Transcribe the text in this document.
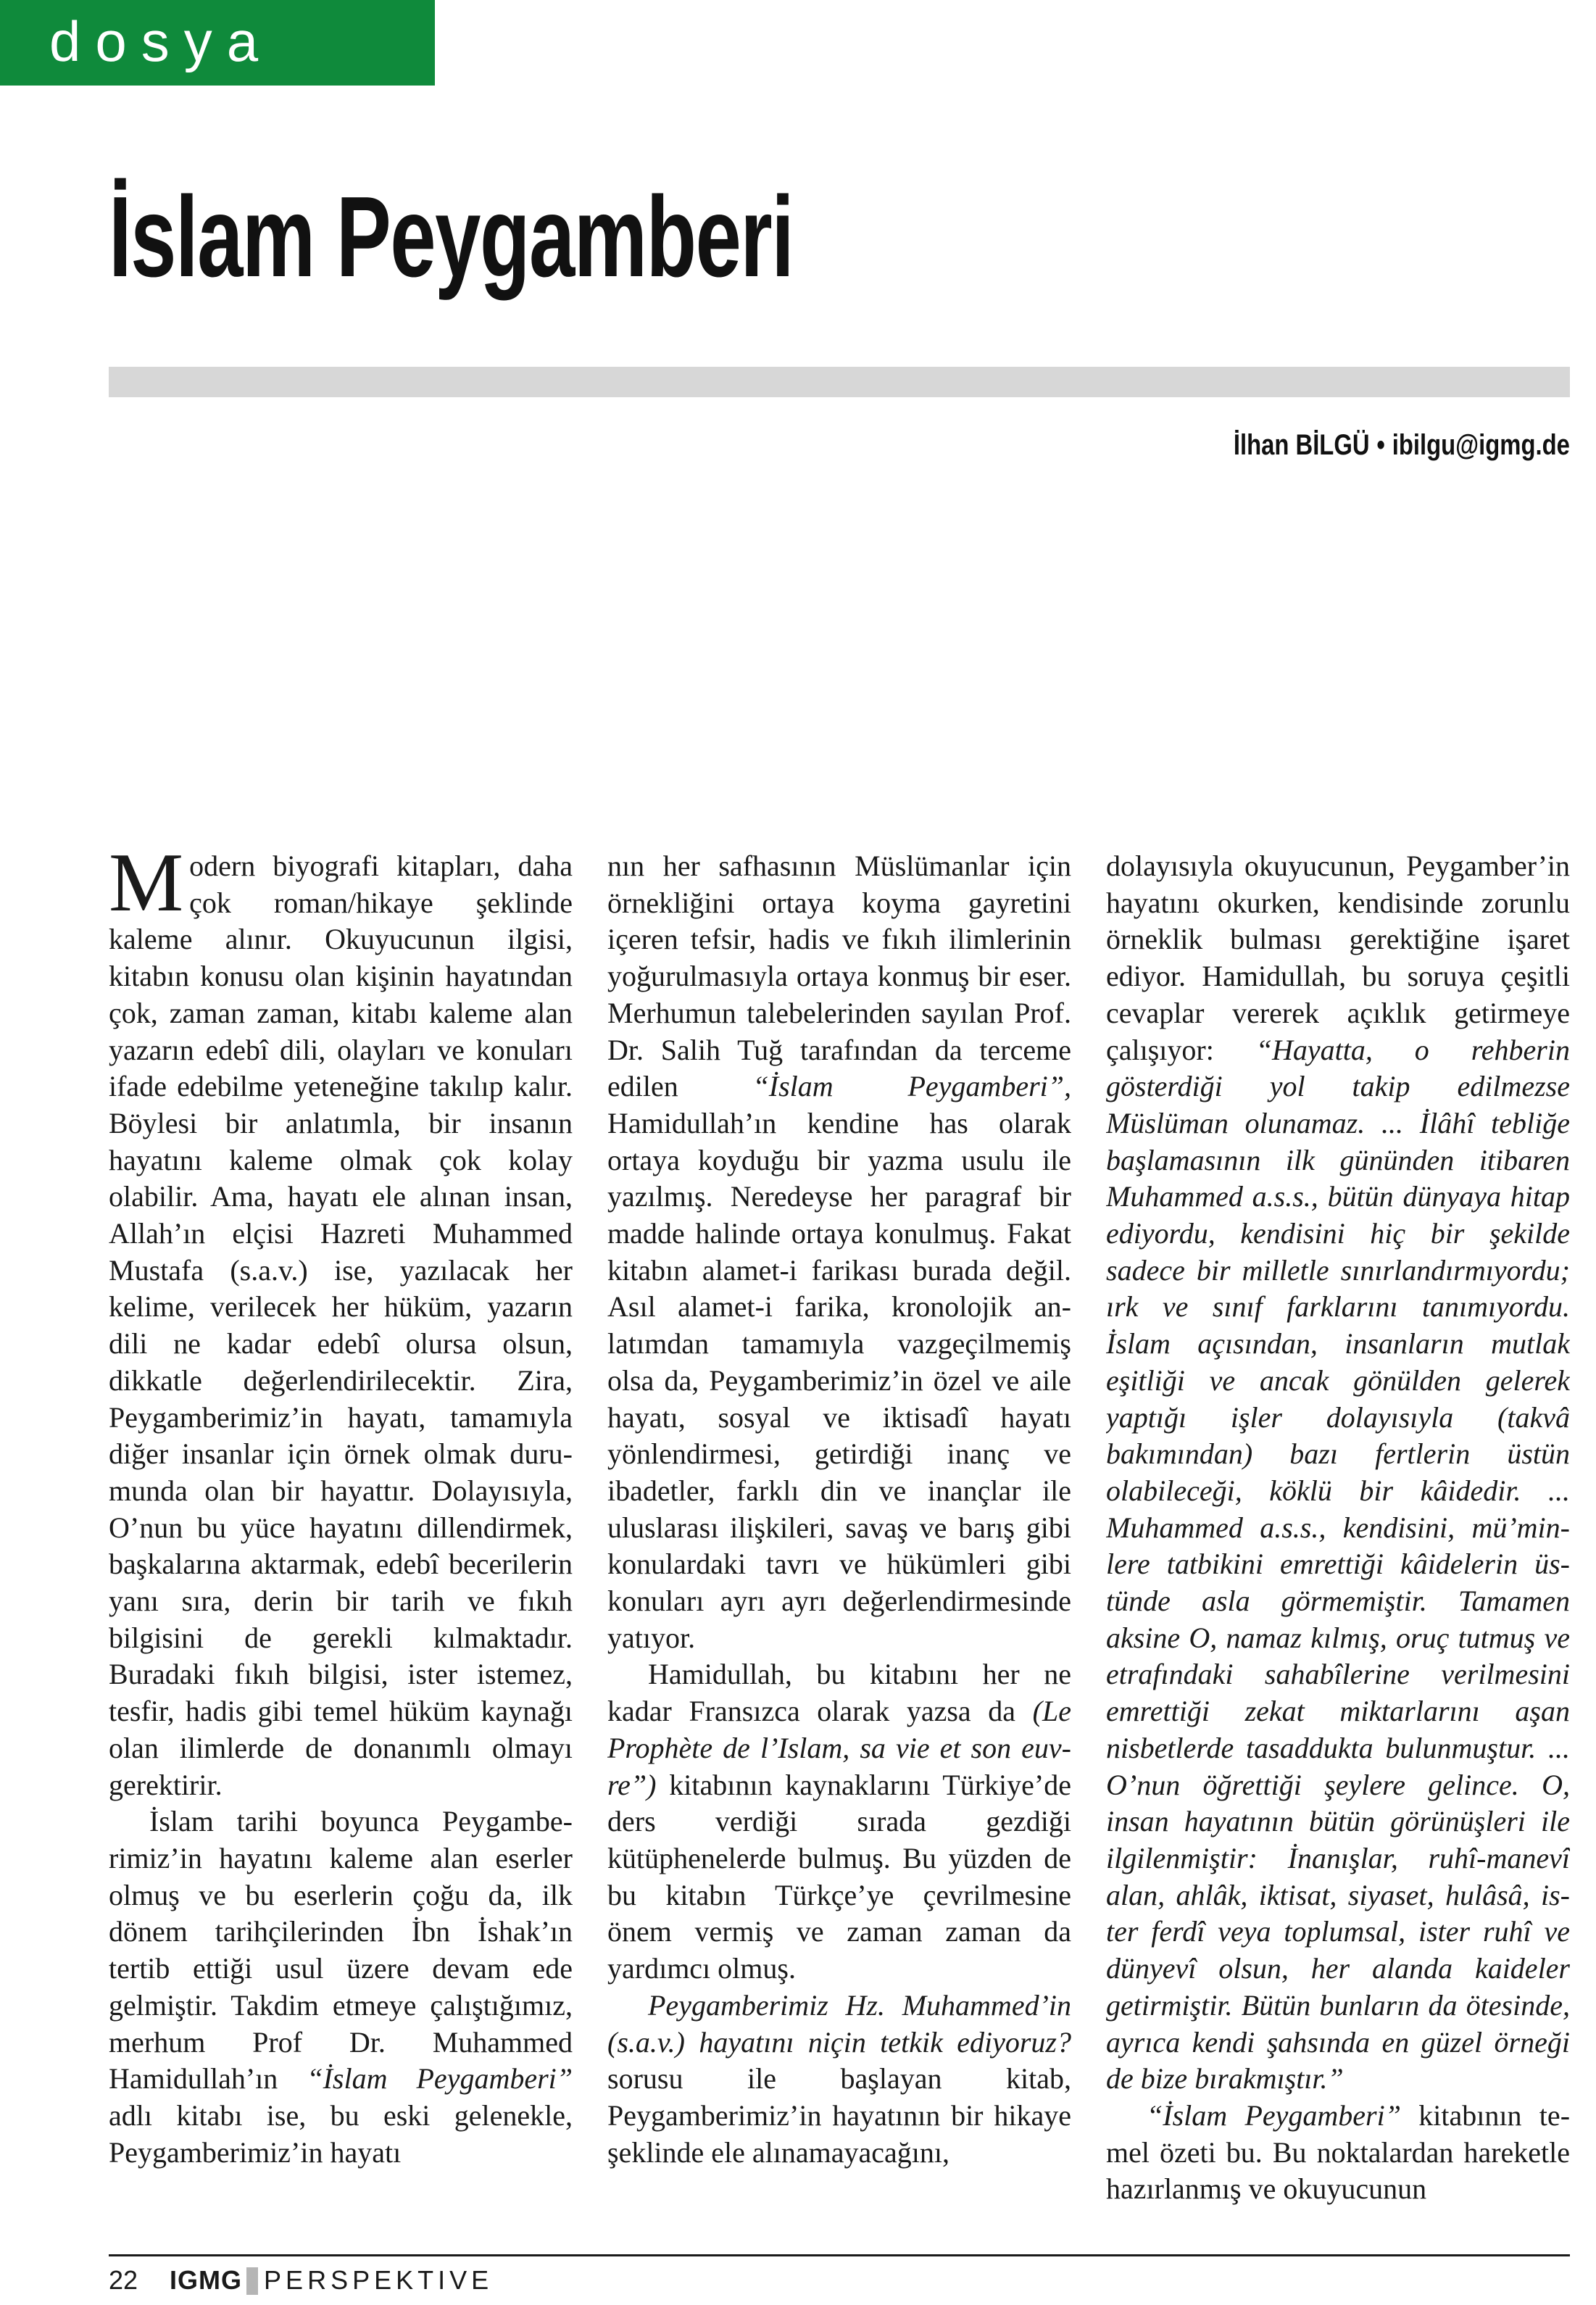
dosya
İslam Peygamberi
İlhan BİLGÜ • ibilgu@igmg.de

Modern biyografi kitapları, daha çok roman/hikaye şeklinde kaleme alınır. Okuyucunun ilgisi, kitabın konusu olan kişinin hayatından çok, zaman zaman, kitabı kaleme alan yazarın edebî dili, olayları ve konuları ifade edebilme yeteneğine takılıp kalır. Böylesi bir anlatımla, bir insanın hayatını kaleme olmak çok kolay olabilir. Ama, hayatı ele alınan insan, Allah’ın elçisi Hazreti Muhammed Mustafa (s.a.v.) ise, yazılacak her kelime, verilecek her hüküm, yazarın dili ne kadar edebî olursa olsun, dikkatle değerlendirilecektir. Zira, Peygamberimiz’in hayatı, tamamıyla diğer insanlar için örnek olmak durumunda olan bir hayattır. Dolayısıyla, O’nun bu yüce hayatını dillendirmek, başkalarına aktarmak, edebî becerilerin yanı sıra, derin bir tarih ve fıkıh bilgisini de gerekli kılmaktadır. Buradaki fıkıh bilgisi, ister istemez, tesfir, hadis gibi temel hüküm kaynağı olan ilimlerde de donanımlı olmayı gerektirir.

İslam tarihi boyunca Peygamberimiz’in hayatını kaleme alan eserler olmuş ve bu eserlerin çoğu da, ilk dönem tarihçilerinden İbn İshak’ın tertib ettiği usul üzere devam ede gelmiştir. Takdim etmeye çalıştığımız, merhum Prof Dr. Muhammed Hamidullah’ın “İslam Peygamberi” adlı kitabı ise, bu eski gelenekle, Peygamberimiz’in hayatı

nın her safhasının Müslümanlar için örnekliğini ortaya koyma gayretini içeren tefsir, hadis ve fıkıh ilimlerinin yoğurulmasıyla ortaya konmuş bir eser. Merhumun talebelerinden sayılan Prof. Dr. Salih Tuğ tarafından da terceme edilen “İslam Peygamberi”, Hamidullah’ın kendine has olarak ortaya koyduğu bir yazma usulu ile yazılmış. Neredeyse her paragraf bir madde halinde ortaya konulmuş. Fakat kitabın alamet-i farikası burada değil. Asıl alamet-i farika, kronolojik anlatımdan tamamıyla vazgeçilmemiş olsa da, Peygamberimiz’in özel ve aile hayatı, sosyal ve iktisadî hayatı yönlendirmesi, getirdiği inanç ve ibadetler, farklı din ve inançlar ile uluslarası ilişkileri, savaş ve barış gibi konulardaki tavrı ve hükümleri gibi konuları ayrı ayrı değerlendirmesinde yatıyor.

Hamidullah, bu kitabını her ne kadar Fransızca olarak yazsa da (Le Prophète de l’Islam, sa vie et son euvre”) kitabının kaynaklarını Türkiye’de ders verdiği sırada gezdiği kütüphenelerde bulmuş. Bu yüzden de bu kitabın Türkçe’ye çevrilmesine önem vermiş ve zaman zaman da yardımcı olmuş.

Peygamberimiz Hz. Muhammed’in (s.a.v.) hayatını niçin tetkik ediyoruz? sorusu ile başlayan kitab, Peygamberimiz’in hayatının bir hikaye şeklinde ele alınamayacağını,

dolayısıyla okuyucunun, Peygamber’in hayatını okurken, kendisinde zorunlu örneklik bulması gerektiğine işaret ediyor. Hamidullah, bu soruya çeşitli cevaplar vererek açıklık getirmeye çalışıyor: “Hayatta, o rehberin gösterdiği yol takip edilmezse Müslüman olunamaz. ... İlâhî tebliğe başlamasının ilk gününden itibaren Muhammed a.s.s., bütün dünyaya hitap ediyordu, kendisini hiç bir şekilde sadece bir milletle sınırlandırmıyordu; ırk ve sınıf farklarını tanımıyordu. İslam açısından, insanların mutlak eşitliği ve ancak gönülden gelerek yaptığı işler dolayısıyla (takvâ bakımından) bazı fertlerin üstün olabileceği, köklü bir kâidedir. ... Muhammed a.s.s., kendisini, mü’minlere tatbikini emrettiği kâidelerin üstünde asla görmemiştir. Tamamen aksine O, namaz kılmış, oruç tutmuş ve etrafındaki sahabîlerine verilmesini emrettiği zekat miktarlarını aşan nisbetlerde tasaddukta bulunmuştur. ... O’nun öğrettiği şeylere gelince. O, insan hayatının bütün görünüşleri ile ilgilenmiştir: İnanışlar, ruhî-manevî alan, ahlâk, iktisat, siyaset, hulâsâ, ister ferdî veya toplumsal, ister ruhî ve dünyevî olsun, her alanda kaideler getirmiştir. Bütün bunların da ötesinde, ayrıca kendi şahsında en güzel örneği de bize bırakmıştır.”

“İslam Peygamberi” kitabının temel özeti bu. Bu noktalardan hareketle hazırlanmış ve okuyucunun

22 IGMG PERSPEKTIVE
